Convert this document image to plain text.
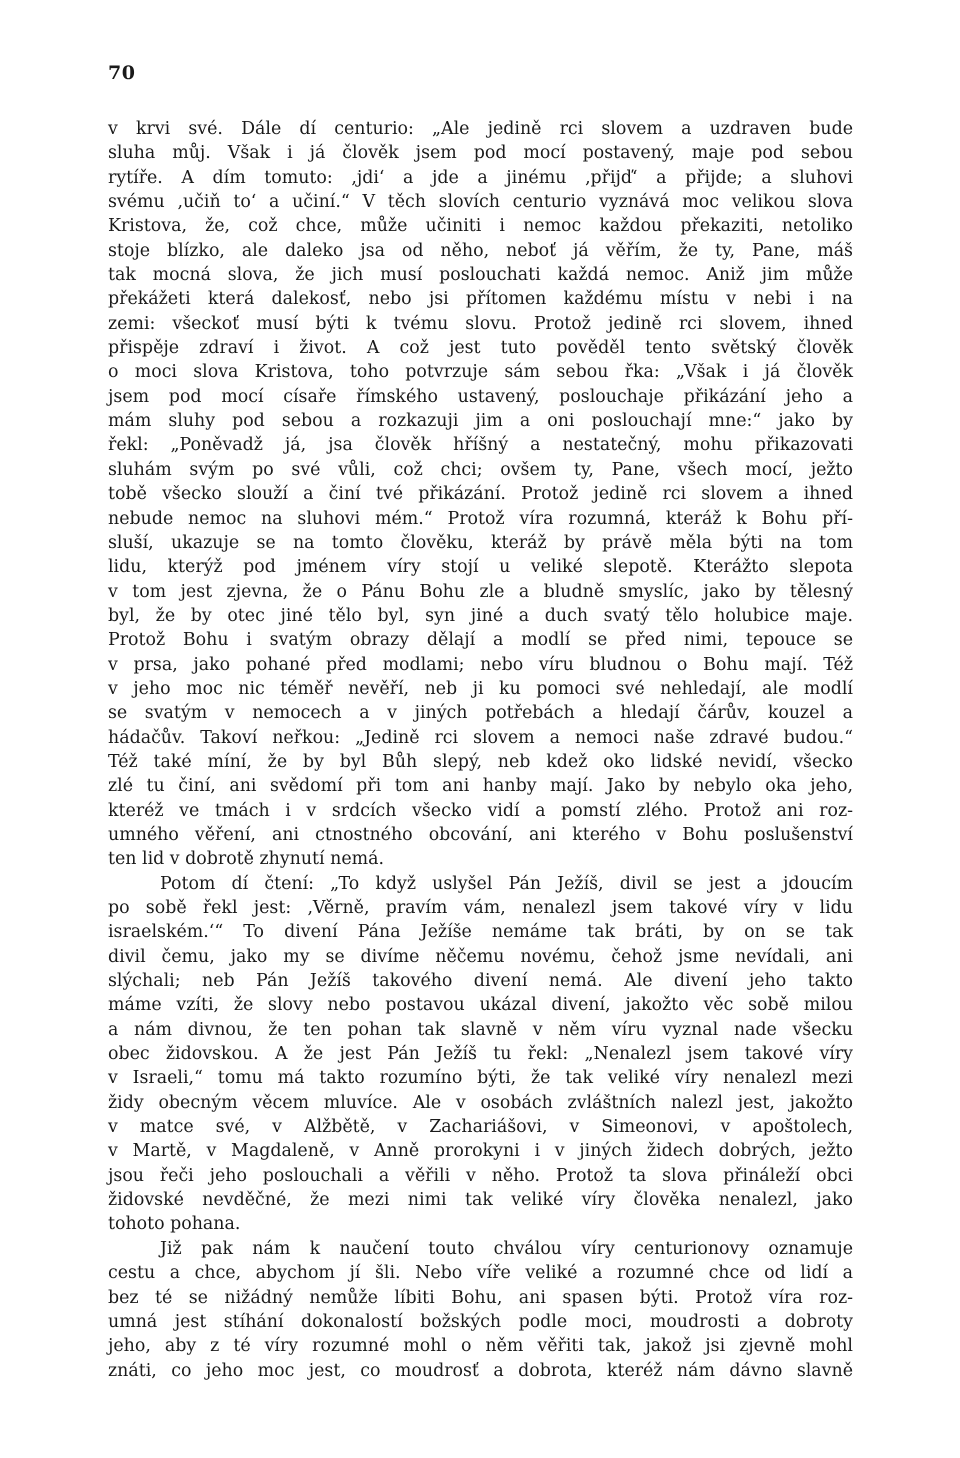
70
v krvi své. Dále dí centurio: „Ale jedině rci slovem a uzdraven bude
sluha můj. Však i já člověk jsem pod mocí postavený, maje pod sebou
rytíře. A dím tomuto: ‚jdi‘ a jde a jinému ‚přijď‘ a přijde; a sluhovi
svému ‚učiň to‘ a učiní.“ V těch slovích centurio vyznává moc velikou slova
Kristova, že, což chce, může učiniti i nemoc každou překaziti, netoliko
stoje blízko, ale daleko jsa od něho, neboť já věřím, že ty, Pane, máš
tak mocná slova, že jich musí poslouchati každá nemoc. Aniž jim může
překážeti která dalekosť, nebo jsi přítomen každému místu v nebi i na
zemi: všeckoť musí býti k tvému slovu. Protož jedině rci slovem, ihned
přispěje zdraví i život. A což jest tuto pověděl tento světský člověk
o moci slova Kristova, toho potvrzuje sám sebou řka: „Však i já člověk
jsem pod mocí císaře římského ustavený, poslouchaje přikázání jeho a
mám sluhy pod sebou a rozkazuji jim a oni poslouchají mne:“ jako by
řekl: „Poněvadž já, jsa člověk hříšný a nestatečný, mohu přikazovati
sluhám svým po své vůli, což chci; ovšem ty, Pane, všech mocí, ježto
tobě všecko slouží a činí tvé přikázání. Protož jedině rci slovem a ihned
nebude nemoc na sluhovi mém.“ Protož víra rozumná, kteráž k Bohu pří-
sluší, ukazuje se na tomto člověku, kteráž by právě měla býti na tom
lidu, kterýž pod jménem víry stojí u veliké slepotě. Kterážto slepota
v tom jest zjevna, že o Pánu Bohu zle a bludně smyslíc, jako by tělesný
byl, že by otec jiné tělo byl, syn jiné a duch svatý tělo holubice maje.
Protož Bohu i svatým obrazy dělají a modlí se před nimi, tepouce se
v prsa, jako pohané před modlami; nebo víru bludnou o Bohu mají. Též
v jeho moc nic téměř nevěří, neb ji ku pomoci své nehledají, ale modlí
se svatým v nemocech a v jiných potřebách a hledají čárův, kouzel a
hádačův. Takoví neřkou: „Jedině rci slovem a nemoci naše zdravé budou.“
Též také míní, že by byl Bůh slepý, neb kdež oko lidské nevidí, všecko
zlé tu činí, ani svědomí při tom ani hanby mají. Jako by nebylo oka jeho,
kteréž ve tmách i v srdcích všecko vidí a pomstí zlého. Protož ani roz-
umného věření, ani ctnostného obcování, ani kterého v Bohu poslušenství
ten lid v dobrotě zhynutí nemá.
Potom dí čtení: „To když uslyšel Pán Ježíš, divil se jest a jdoucím
po sobě řekl jest: ‚Věrně, pravím vám, nenalezl jsem takové víry v lidu
israelském.‘“ To divení Pána Ježíše nemáme tak bráti, by on se tak
divil čemu, jako my se divíme něčemu novému, čehož jsme nevídali, ani
slýchali; neb Pán Ježíš takového divení nemá. Ale divení jeho takto
máme vzíti, že slovy nebo postavou ukázal divení, jakožto věc sobě milou
a nám divnou, že ten pohan tak slavně v něm víru vyznal nade všecku
obec židovskou. A že jest Pán Ježíš tu řekl: „Nenalezl jsem takové víry
v Israeli,“ tomu má takto rozumíno býti, že tak veliké víry nenalezl mezi
židy obecným věcem mluvíce. Ale v osobách zvláštních nalezl jest, jakožto
v matce své, v Alžbětě, v Zachariášovi, v Simeonovi, v apoštolech,
v Martě, v Magdaleně, v Anně prorokyni i v jiných židech dobrých, ježto
jsou řeči jeho poslouchali a věřili v něho. Protož ta slova přináleží obci
židovské nevděčné, že mezi nimi tak veliké víry člověka nenalezl, jako
tohoto pohana.
Již pak nám k naučení touto chválou víry centurionovy oznamuje
cestu a chce, abychom jí šli. Nebo víře veliké a rozumné chce od lidí a
bez té se nižádný nemůže líbiti Bohu, ani spasen býti. Protož víra roz-
umná jest stíhání dokonalostí božských podle moci, moudrosti a dobroty
jeho, aby z té víry rozumné mohl o něm věřiti tak, jakož jsi zjevně mohl
znáti, co jeho moc jest, co moudrosť a dobrota, kteréž nám dávno slavně
